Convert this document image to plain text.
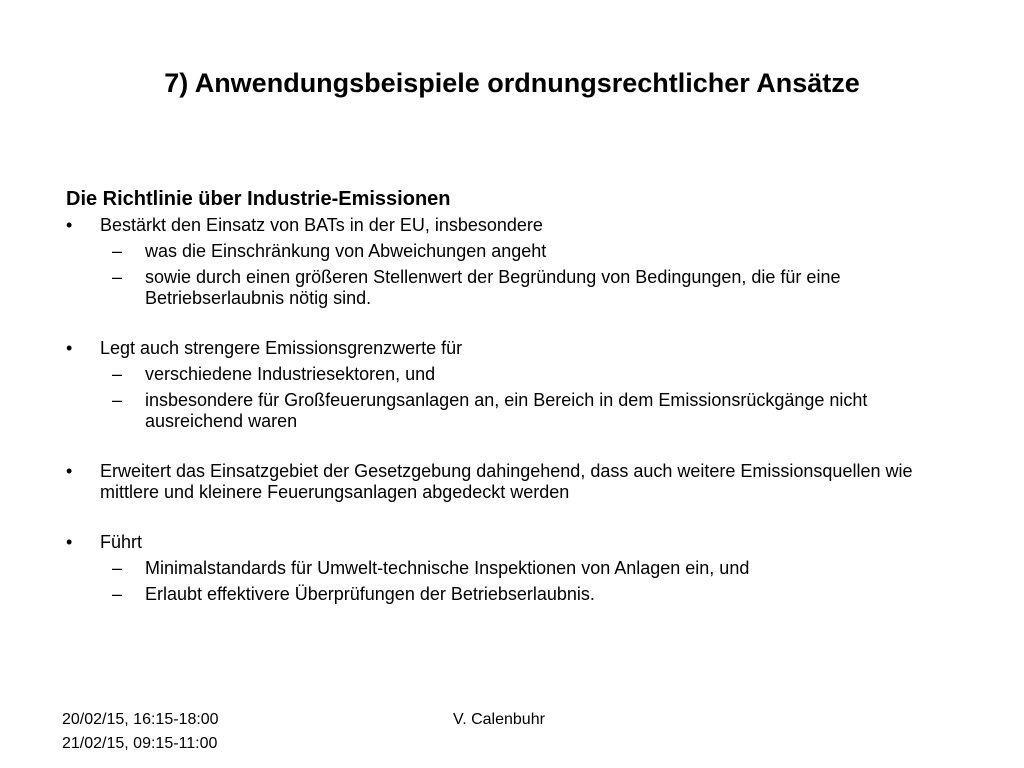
7) Anwendungsbeispiele ordnungsrechtlicher Ansätze
Die Richtlinie über Industrie-Emissionen
• Bestärkt den Einsatz von BATs in der EU, insbesondere
– was die Einschränkung von Abweichungen angeht
– sowie durch einen größeren Stellenwert der Begründung von Bedingungen, die für eine Betriebserlaubnis nötig sind.
• Legt auch strengere Emissionsgrenzwerte für
– verschiedene Industriesektoren, und
– insbesondere für Großfeuerungsanlagen an, ein Bereich in dem Emissionsrückgänge nicht ausreichend waren
• Erweitert das Einsatzgebiet der Gesetzgebung dahingehend, dass auch weitere Emissionsquellen wie mittlere und kleinere Feuerungsanlagen abgedeckt werden
• Führt
– Minimalstandards für Umwelt-technische Inspektionen von Anlagen ein, und
– Erlaubt effektivere Überprüfungen der Betriebserlaubnis.
20/02/15, 16:15-18:00
21/02/15, 09:15-11:00
V. Calenbuhr
